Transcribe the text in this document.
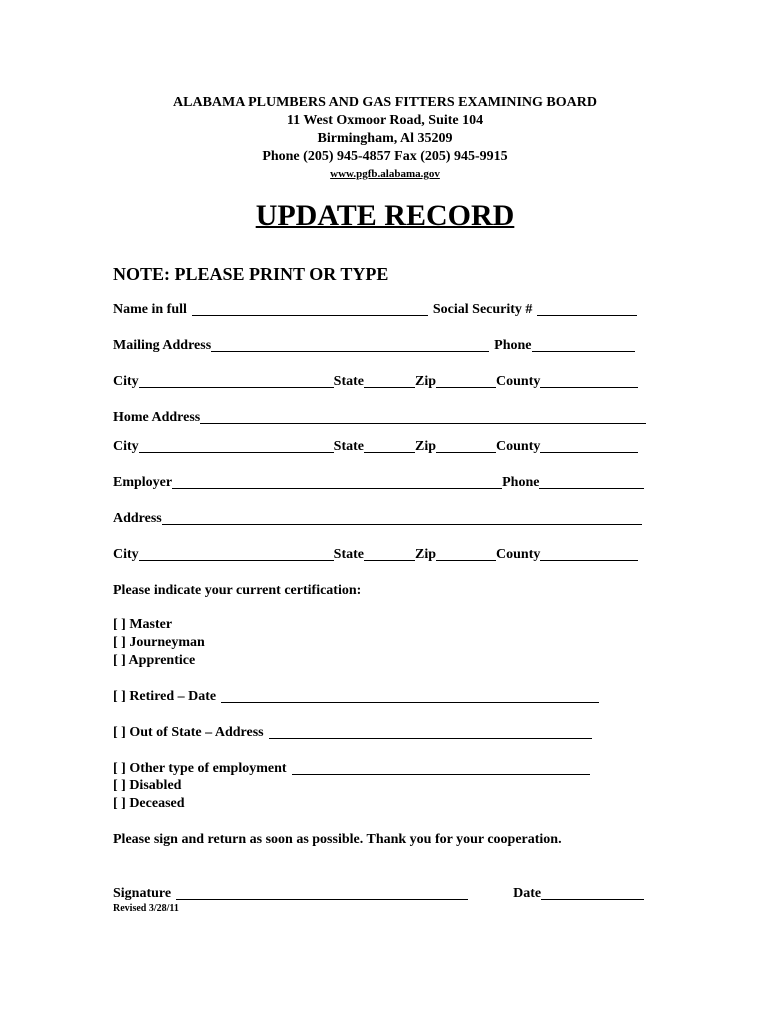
ALABAMA PLUMBERS AND GAS FITTERS EXAMINING BOARD
11 West Oxmoor Road, Suite 104
Birmingham, Al 35209
Phone (205) 945-4857 Fax (205) 945-9915
www.pgfb.alabama.gov
UPDATE RECORD
NOTE: PLEASE PRINT OR TYPE
Name in full	Social Security #
Mailing Address	Phone
City	State	Zip	County
Home Address
City	State	Zip	County
Employer	Phone
Address
City	State	Zip	County
Please indicate your current certification:
[ ] Master
[ ] Journeyman
[ ] Apprentice
[ ] Retired – Date
[ ] Out of State – Address
[ ] Other type of employment
[ ] Disabled
[ ] Deceased
Please sign and return as soon as possible. Thank you for your cooperation.
Signature	Date
Revised 3/28/11
